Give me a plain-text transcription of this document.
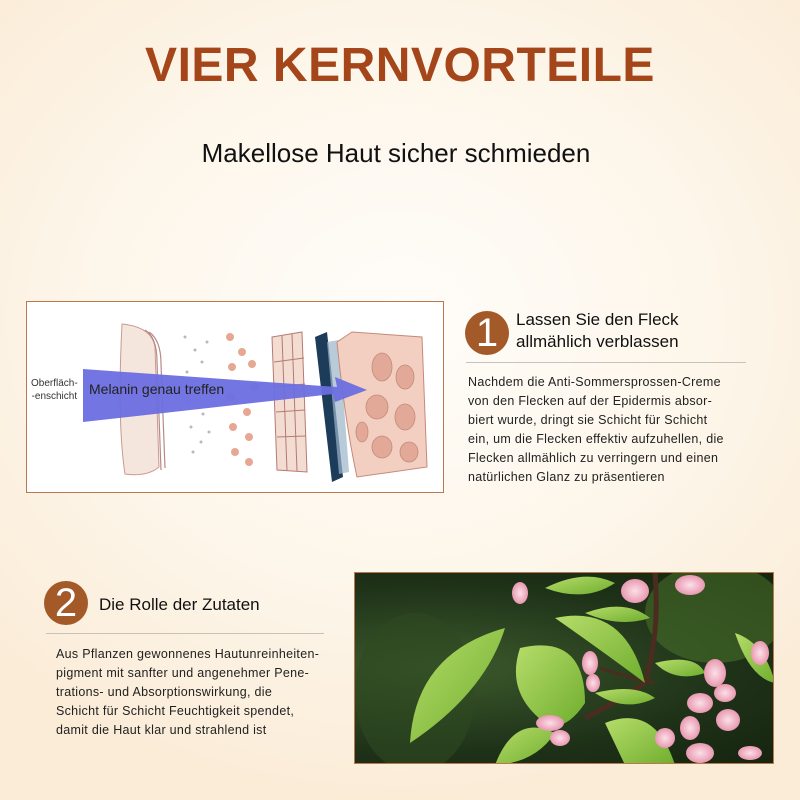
VIER KERNVORTEILE
Makellose Haut sicher schmieden
Oberfläch-
-enschicht Melanin genau treffen
1	Lassen Sie den Fleck
allmählich verblassen
Nachdem die Anti-Sommersprossen-Creme
von den Flecken auf der Epidermis absor-
biert wurde, dringt sie Schicht für Schicht
ein, um die Flecken effektiv aufzuhellen, die
Flecken allmählich zu verringern und einen
natürlichen Glanz zu präsentieren
2	Die Rolle der Zutaten
Aus Pflanzen gewonnenes Hautunreinheiten-
pigment mit sanfter und angenehmer Pene-
trations- und Absorptionswirkung, die
Schicht für Schicht Feuchtigkeit spendet,
damit die Haut klar und strahlend ist
